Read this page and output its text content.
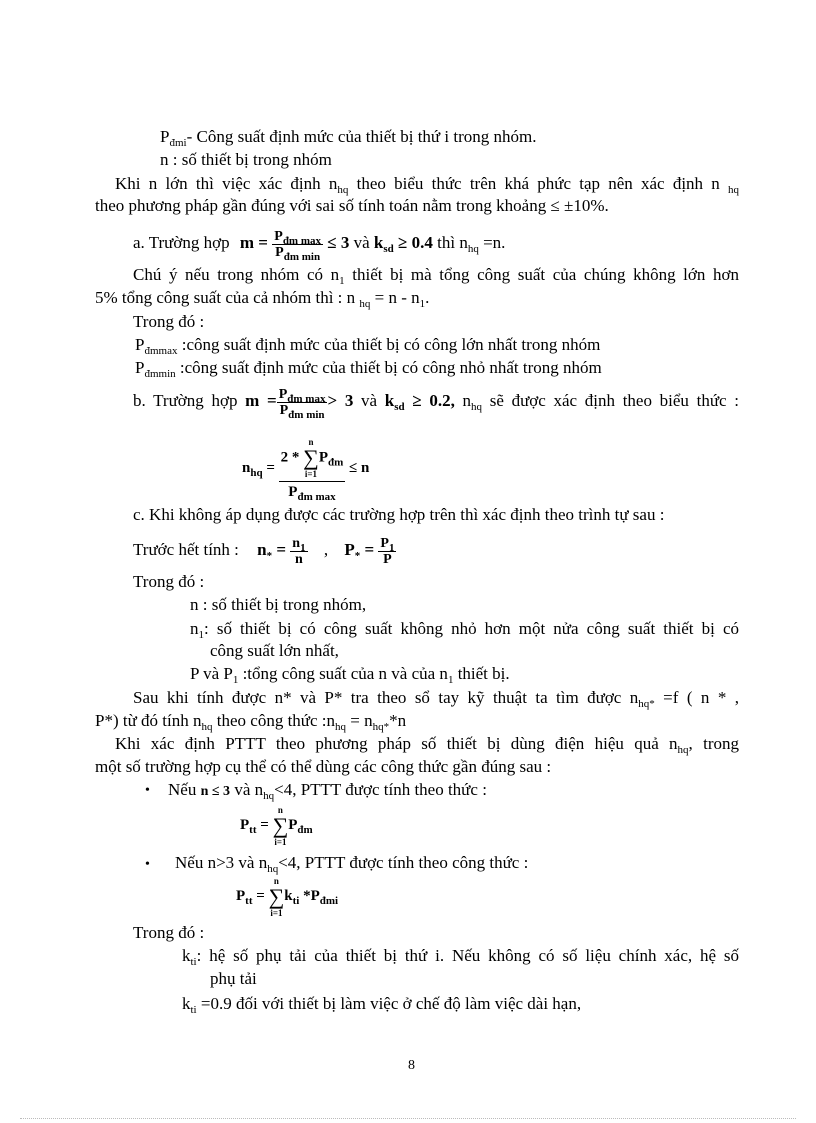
$P_{đmi}-$ Công suất định mức của thiết bị thứ i trong nhóm.
n : số thiết bị trong nhóm
Khi n lớn thì việc xác định $n_{hq}$ theo biểu thức trên khá phức tạp nên xác định n $_{hq}$
theo phương pháp gần đúng với sai số tính toán nằm trong khoảng ≤ ±10%.
a. Trường hợp $m = \frac{P_{đm max}}{P_{đm min}} \le 3$ và $k_{sd} \ge 0.4$ thì $n_{hq} =n$.
Chú ý nếu trong nhóm có $n_1$ thiết bị mà tổng công suất của chúng không lớn hơn
5% tổng công suất của cả nhóm thì : n $_{hq} = n - n_1$.
Trong đó :
$P_{đmmax}$ :công suất định mức của thiết bị có công lớn nhất trong nhóm
$P_{đmmin}$ :công suất định mức của thiết bị có công nhỏ nhất trong nhóm
b. Trường hợp $m = \frac{P_{đm max}}{P_{đm min}} > 3$ và $k_{sd} \ge 0.2$, $n_{hq}$ sẽ được xác định theo biểu thức :
$n_{hq} = 2$ *
n
∑
i=1
$P_{đm}$
$P_{đm max} \le n$
c. Khi không áp dụng được các trường hợp trên thì xác định theo trình tự sau :
Trước hết tính : $n_* = \frac{n_1}{n}$ , $P_* = \frac{P_1}{P}$
Trong đó :
n : số thiết bị trong nhóm,
$n_1$: số thiết bị có công suất không nhỏ hơn một nửa công suất thiết bị có
công suất lớn nhất,
P và $P_1$ :tổng công suất của n và của $n_1$ thiết bị.
Sau khi tính được n* và P* tra theo sổ tay kỹ thuật ta tìm được $n_{hq*} =f$ ( n * ,
P*) từ đó tính $n_{hq}$ theo công thức $:n_{hq} = n_{hq*}*n$
Khi xác định PTTT theo phương pháp số thiết bị dùng điện hiệu quả $n_{hq}$, trong
một số trường hợp cụ thể có thể dùng các công thức gần đúng sau :
• Nếu n ≤ 3 và $n_{hq}<4$, PTTT được tính theo thức :
$P_{tt}$ =
n
∑
i=1
$P_{đm}$
• Nếu n>3 và $n_{hq}<4$, PTTT được tính theo công thức :
$P_{tt}$ =
n
∑
i=1
$k_{ti}$ $*P_{đmi}$
Trong đó :
$k_{ti}$: hệ số phụ tải của thiết bị thứ i. Nếu không có số liệu chính xác, hệ số
phụ tải
$k_{ti} =0.9$ đối với thiết bị làm việc ở chế độ làm việc dài hạn,
8
